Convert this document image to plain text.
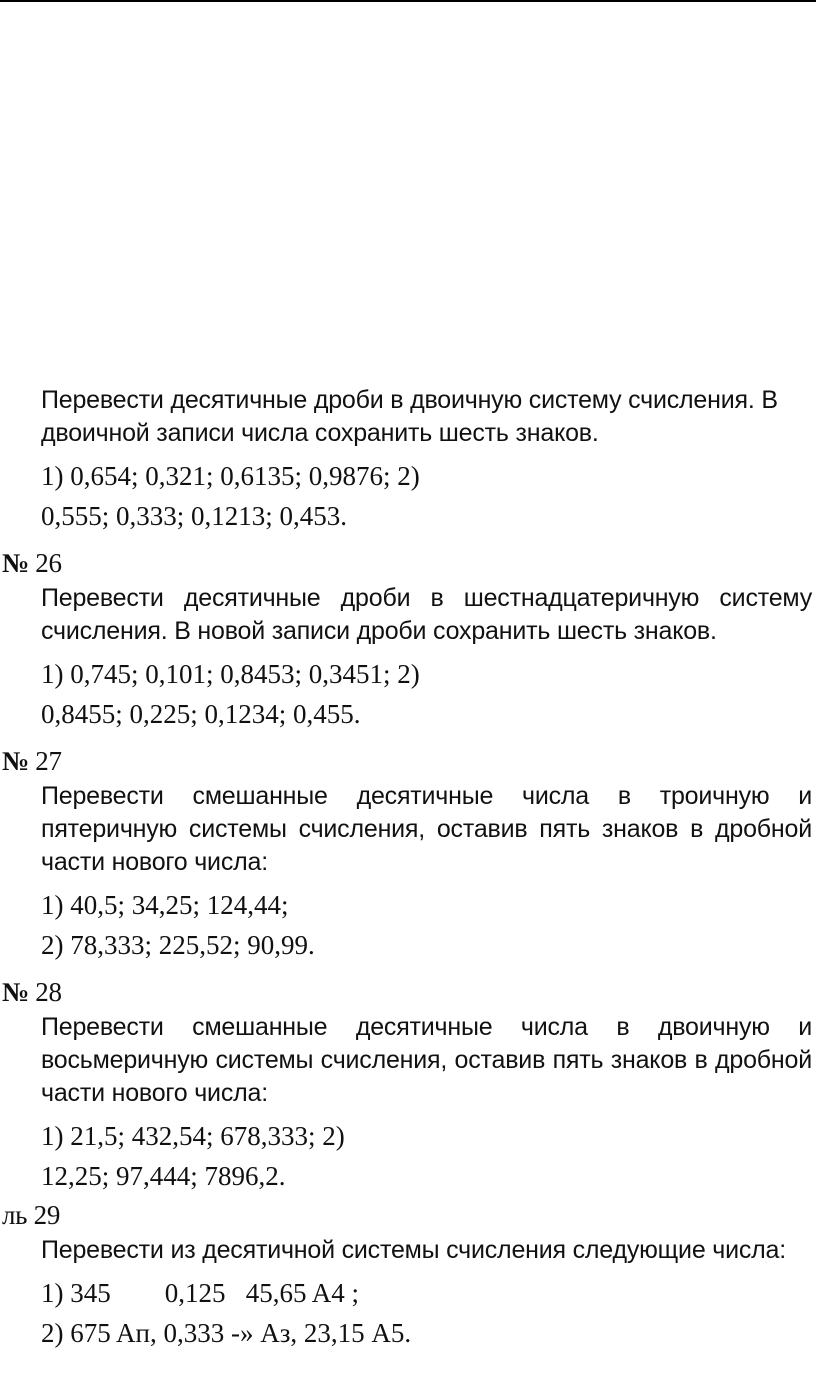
Перевести десятичные дроби в двоичную систему счисления. В двоичной записи числа сохранить шесть знаков.
1) 0,654; 0,321; 0,6135; 0,9876; 2)
0,555; 0,333; 0,1213; 0,453.
№ 26
Перевести десятичные дроби в шестнадцатеричную систему счисления. В новой записи дроби сохранить шесть знаков.
1) 0,745; 0,101; 0,8453; 0,3451; 2)
0,8455; 0,225; 0,1234; 0,455.
№ 27
Перевести смешанные десятичные числа в троичную и пятеричную системы счисления, оставив пять знаков в дробной части нового числа:
1) 40,5; 34,25; 124,44;
2) 78,333; 225,52; 90,99.
№ 28
Перевести смешанные десятичные числа в двоичную и восьмеричную системы счисления, оставив пять знаков в дробной части нового числа:
1) 21,5; 432,54; 678,333; 2)
12,25; 97,444; 7896,2.
ль 29
Перевести из десятичной системы счисления следующие числа:
1) 345        0,125   45,65 A4 ;
2) 675 Aп, 0,333 -» Aз, 23,15 A5.
